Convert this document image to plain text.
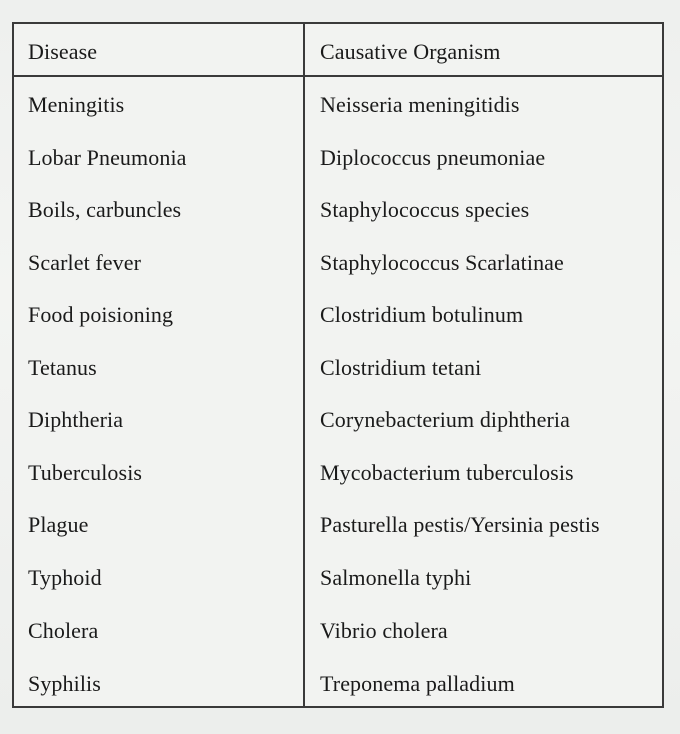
Disease	Causative Organism
Meningitis	Neisseria meningitidis
Lobar Pneumonia	Diplococcus pneumoniae
Boils, carbuncles	Staphylococcus species
Scarlet fever	Staphylococcus Scarlatinae
Food poisioning	Clostridium botulinum
Tetanus	Clostridium tetani
Diphtheria	Corynebacterium diphtheria
Tuberculosis	Mycobacterium tuberculosis
Plague	Pasturella pestis/Yersinia pestis
Typhoid	Salmonella typhi
Cholera	Vibrio cholera
Syphilis	Treponema palladium
